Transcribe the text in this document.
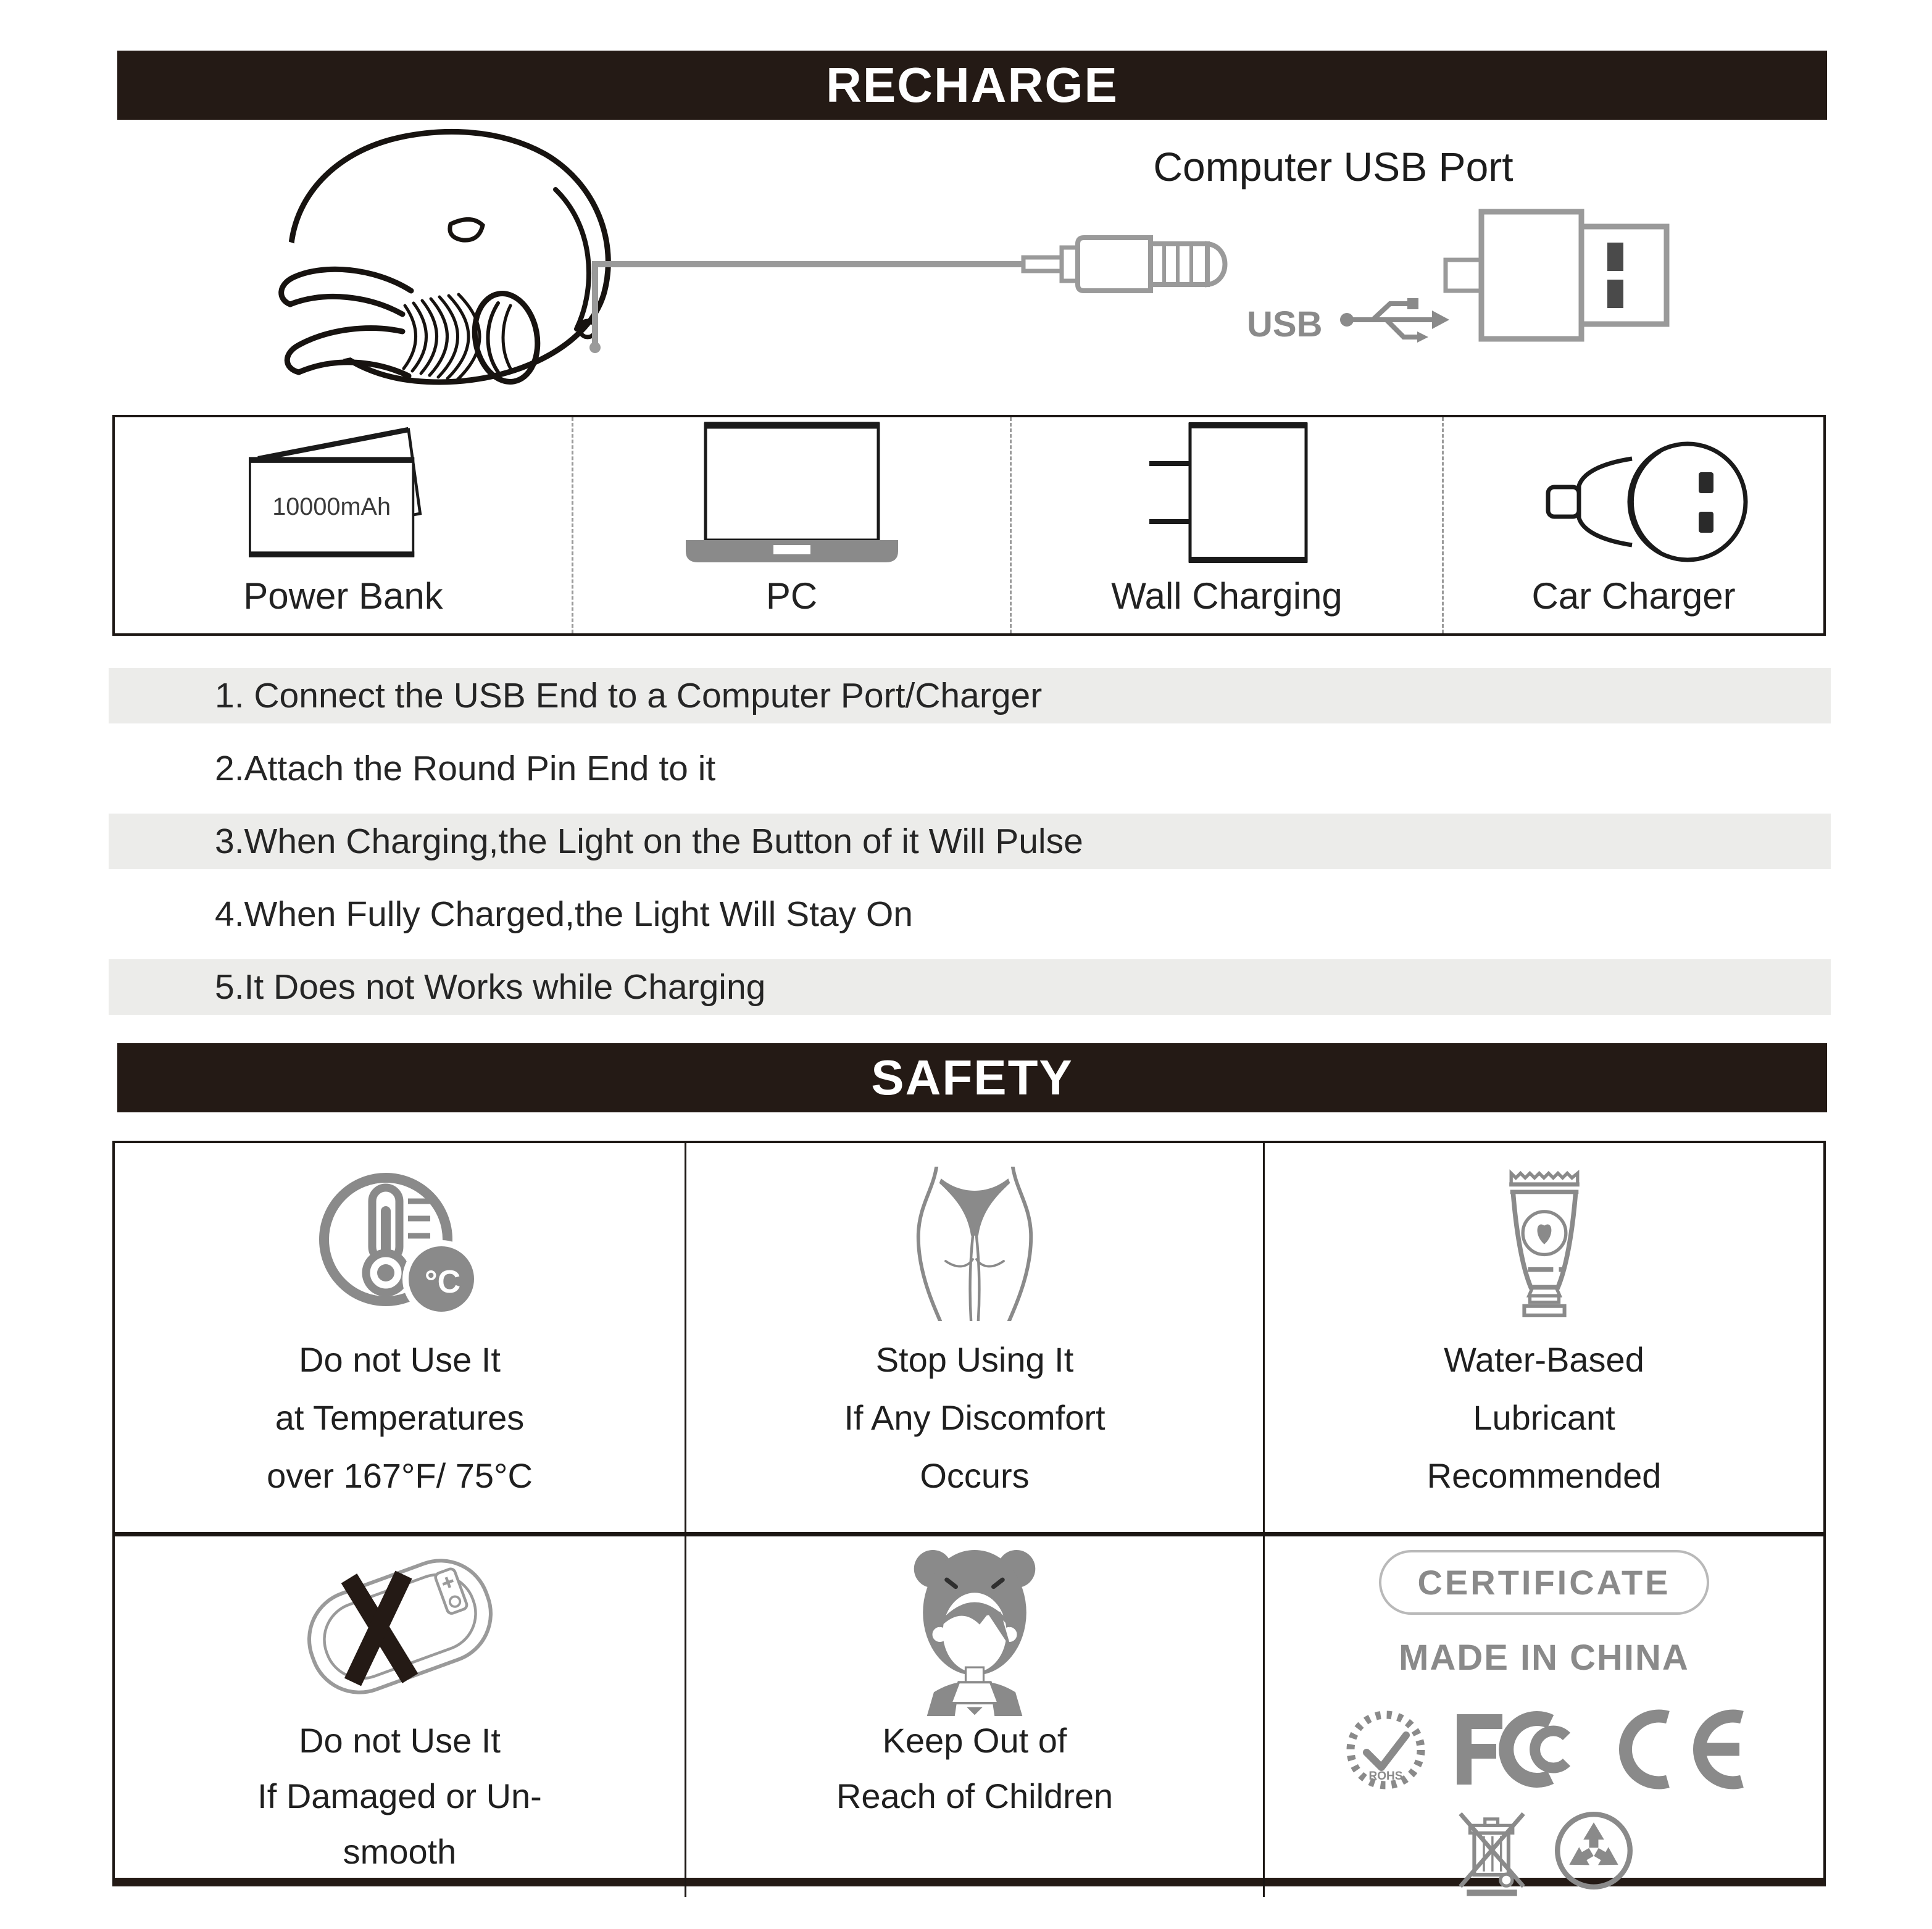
RECHARGE
Computer USB Port
USB
10000mAh
Power Bank	PC	Wall Charging	Car Charger
1. Connect the USB End to a Computer Port/Charger
2.Attach the Round Pin End to it
3.When Charging,the Light on the Button of it Will Pulse
4.When Fully Charged,the Light Will Stay On
5.It Does not Works while Charging
SAFETY
°C
Do not Use It
at Temperatures
over 167°F/ 75°C
Stop Using It
If Any Discomfort
Occurs
Water-Based
Lubricant
Recommended
Do not Use It
If Damaged or Un-
smooth
Keep Out of
Reach of Children
CERTIFICATE
MADE IN CHINA
ROHS
